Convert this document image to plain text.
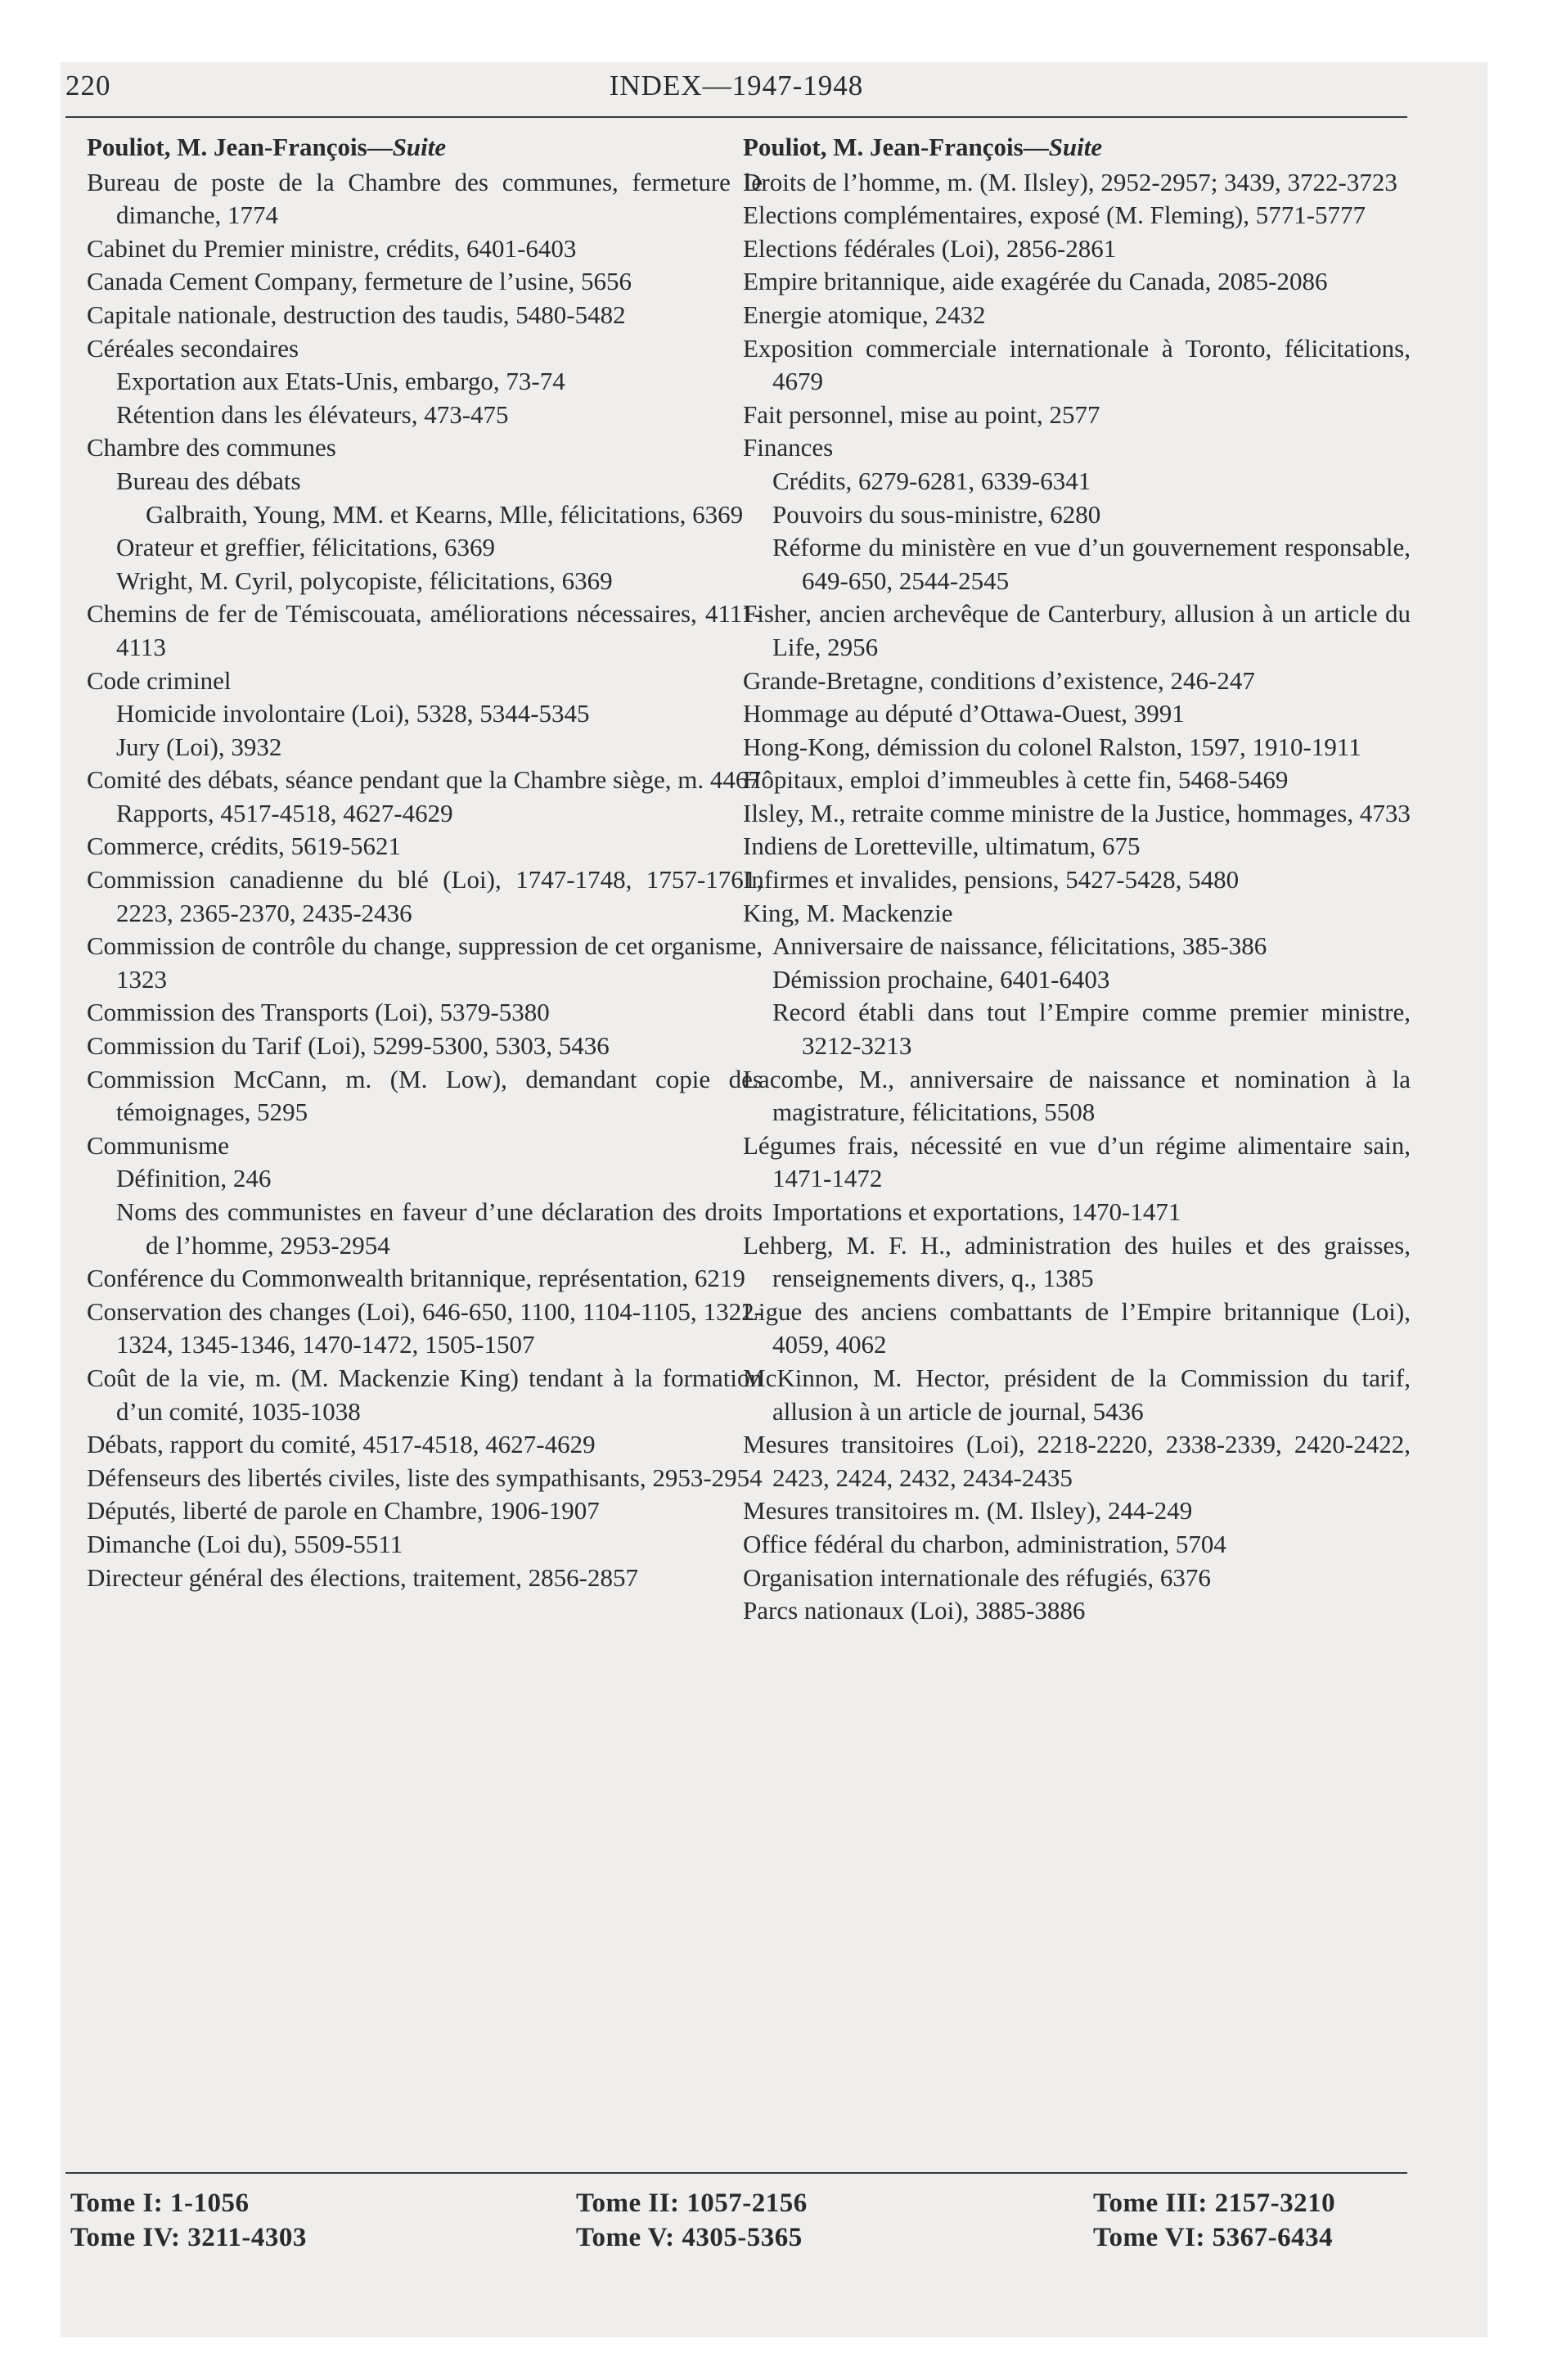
220	INDEX—1947-1948
Pouliot, M. Jean-François—Suite
Bureau de poste de la Chambre des communes, fermeture le dimanche, 1774
Cabinet du Premier ministre, crédits, 6401-6403
Canada Cement Company, fermeture de l’usine, 5656
Capitale nationale, destruction des taudis, 5480-5482
Céréales secondaires
Exportation aux Etats-Unis, embargo, 73-74
Rétention dans les élévateurs, 473-475
Chambre des communes
Bureau des débats
Galbraith, Young, MM. et Kearns, Mlle, félicitations, 6369
Orateur et greffier, félicitations, 6369
Wright, M. Cyril, polycopiste, félicitations, 6369
Chemins de fer de Témiscouata, améliorations nécessaires, 4111-4113
Code criminel
Homicide involontaire (Loi), 5328, 5344-5345
Jury (Loi), 3932
Comité des débats, séance pendant que la Chambre siège, m. 4467
Rapports, 4517-4518, 4627-4629
Commerce, crédits, 5619-5621
Commission canadienne du blé (Loi), 1747-1748, 1757-1761, 2223, 2365-2370, 2435-2436
Commission de contrôle du change, suppression de cet organisme, 1323
Commission des Transports (Loi), 5379-5380
Commission du Tarif (Loi), 5299-5300, 5303, 5436
Commission McCann, m. (M. Low), demandant copie des témoignages, 5295
Communisme
Définition, 246
Noms des communistes en faveur d’une déclaration des droits de l’homme, 2953-2954
Conférence du Commonwealth britannique, représentation, 6219
Conservation des changes (Loi), 646-650, 1100, 1104-1105, 1322-1324, 1345-1346, 1470-1472, 1505-1507
Coût de la vie, m. (M. Mackenzie King) tendant à la formation d’un comité, 1035-1038
Débats, rapport du comité, 4517-4518, 4627-4629
Défenseurs des libertés civiles, liste des sympathisants, 2953-2954
Députés, liberté de parole en Chambre, 1906-1907
Dimanche (Loi du), 5509-5511
Directeur général des élections, traitement, 2856-2857
Pouliot, M. Jean-François—Suite
Droits de l’homme, m. (M. Ilsley), 2952-2957; 3439, 3722-3723
Elections complémentaires, exposé (M. Fleming), 5771-5777
Elections fédérales (Loi), 2856-2861
Empire britannique, aide exagérée du Canada, 2085-2086
Energie atomique, 2432
Exposition commerciale internationale à Toronto, félicitations, 4679
Fait personnel, mise au point, 2577
Finances
Crédits, 6279-6281, 6339-6341
Pouvoirs du sous-ministre, 6280
Réforme du ministère en vue d’un gouvernement responsable, 649-650, 2544-2545
Fisher, ancien archevêque de Canterbury, allusion à un article du Life, 2956
Grande-Bretagne, conditions d’existence, 246-247
Hommage au député d’Ottawa-Ouest, 3991
Hong-Kong, démission du colonel Ralston, 1597, 1910-1911
Hôpitaux, emploi d’immeubles à cette fin, 5468-5469
Ilsley, M., retraite comme ministre de la Justice, hommages, 4733
Indiens de Loretteville, ultimatum, 675
Infirmes et invalides, pensions, 5427-5428, 5480
King, M. Mackenzie
Anniversaire de naissance, félicitations, 385-386
Démission prochaine, 6401-6403
Record établi dans tout l’Empire comme premier ministre, 3212-3213
Lacombe, M., anniversaire de naissance et nomination à la magistrature, félicitations, 5508
Légumes frais, nécessité en vue d’un régime alimentaire sain, 1471-1472
Importations et exportations, 1470-1471
Lehberg, M. F. H., administration des huiles et des graisses, renseignements divers, q., 1385
Ligue des anciens combattants de l’Empire britannique (Loi), 4059, 4062
McKinnon, M. Hector, président de la Commission du tarif, allusion à un article de journal, 5436
Mesures transitoires (Loi), 2218-2220, 2338-2339, 2420-2422, 2423, 2424, 2432, 2434-2435
Mesures transitoires m. (M. Ilsley), 244-249
Office fédéral du charbon, administration, 5704
Organisation internationale des réfugiés, 6376
Parcs nationaux (Loi), 3885-3886
Tome I: 1-1056	Tome II: 1057-2156	Tome III: 2157-3210
Tome IV: 3211-4303	Tome V: 4305-5365	Tome VI: 5367-6434
